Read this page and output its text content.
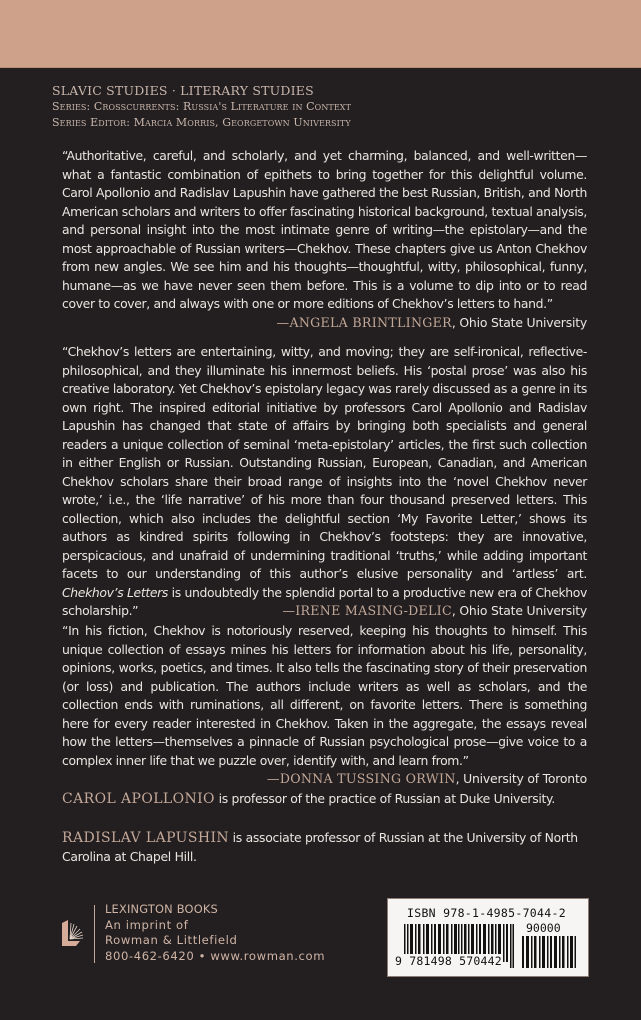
SLAVIC STUDIES · LITERARY STUDIES
Series: Crosscurrents: Russia's Literature in Context
Series Editor: Marcia Morris, Georgetown University

“Authoritative, careful, and scholarly, and yet charming, balanced, and well-written—what a fantastic combination of epithets to bring together for this delightful volume. Carol Apollonio and Radislav Lapushin have gathered the best Russian, British, and North American scholars and writers to offer fascinating historical background, textual analysis, and personal insight into the most intimate genre of writing—the epistolary—and the most approachable of Russian writers—Chekhov. These chapters give us Anton Chekhov from new angles. We see him and his thoughts—thoughtful, witty, philosophical, funny, humane—as we have never seen them before. This is a volume to dip into or to read cover to cover, and always with one or more editions of Chekhov’s letters to hand.”

—ANGELA BRINTLINGER, Ohio State University

“Chekhov’s letters are entertaining, witty, and moving; they are self-ironical, reflective-philosophical, and they illuminate his innermost beliefs. His ‘postal prose’ was also his creative laboratory. Yet Chekhov’s epistolary legacy was rarely discussed as a genre in its own right. The inspired editorial initiative by professors Carol Apollonio and Radislav Lapushin has changed that state of affairs by bringing both specialists and general readers a unique collection of seminal ‘meta-epistolary’ articles, the first such collection in either English or Russian. Outstanding Russian, European, Canadian, and American Chekhov scholars share their broad range of insights into the ‘novel Chekhov never wrote,’ i.e., the ‘life narrative’ of his more than four thousand preserved letters. This collection, which also includes the delightful section ‘My Favorite Letter,’ shows its authors as kindred spirits following in Chekhov’s footsteps: they are innovative, perspicacious, and unafraid of undermining traditional ‘truths,’ while adding important facets to our understanding of this author’s elusive personality and ‘artless’ art. Chekhov’s Letters is undoubtedly the splendid portal to a productive new era of Chekhov scholarship.”	—IRENE MASING-DELIC, Ohio State University

“In his fiction, Chekhov is notoriously reserved, keeping his thoughts to himself. This unique collection of essays mines his letters for information about his life, personality, opinions, works, poetics, and times. It also tells the fascinating story of their preservation (or loss) and publication. The authors include writers as well as scholars, and the collection ends with ruminations, all different, on favorite letters. There is something here for every reader interested in Chekhov. Taken in the aggregate, the essays reveal how the letters—themselves a pinnacle of Russian psychological prose—give voice to a complex inner life that we puzzle over, identify with, and learn from.”
—DONNA TUSSING ORWIN, University of Toronto

CAROL APOLLONIO is professor of the practice of Russian at Duke University.
RADISLAV LAPUSHIN is associate professor of Russian at the University of North Carolina at Chapel Hill.
LEXINGTON BOOKS
An imprint of
Rowman & Littlefield
800-462-6420 • www.rowman.com
ISBN 978-1-4985-7044-2
90000
9 781498 570442
